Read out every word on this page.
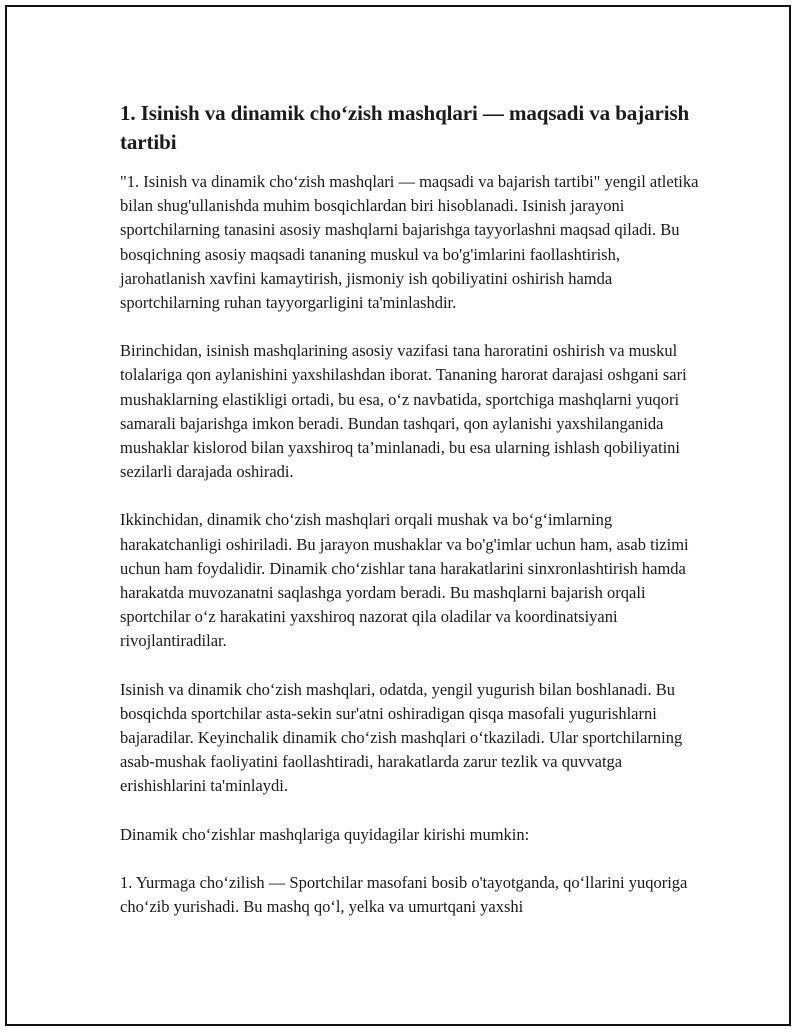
1. Isinish va dinamik cho‘zish mashqlari — maqsadi va bajarish tartibi

"1. Isinish va dinamik cho‘zish mashqlari — maqsadi va bajarish tartibi" yengil atletika bilan shug'ullanishda muhim bosqichlardan biri hisoblanadi. Isinish jarayoni sportchilarning tanasini asosiy mashqlarni bajarishga tayyorlashni maqsad qiladi. Bu bosqichning asosiy maqsadi tananing muskul va bo'g'imlarini faollashtirish, jarohatlanish xavfini kamaytirish, jismoniy ish qobiliyatini oshirish hamda sportchilarning ruhan tayyorgarligini ta'minlashdir.

Birinchidan, isinish mashqlarining asosiy vazifasi tana haroratini oshirish va muskul tolalariga qon aylanishini yaxshilashdan iborat. Tananing harorat darajasi oshgani sari mushaklarning elastikligi ortadi, bu esa, o‘z navbatida, sportchiga mashqlarni yuqori samarali bajarishga imkon beradi. Bundan tashqari, qon aylanishi yaxshilanganida mushaklar kislorod bilan yaxshiroq ta’minlanadi, bu esa ularning ishlash qobiliyatini sezilarli darajada oshiradi.

Ikkinchidan, dinamik cho‘zish mashqlari orqali mushak va bo‘g‘imlarning harakatchanligi oshiriladi. Bu jarayon mushaklar va bo'g'imlar uchun ham, asab tizimi uchun ham foydalidir. Dinamik cho‘zishlar tana harakatlarini sinxronlashtirish hamda harakatda muvozanatni saqlashga yordam beradi. Bu mashqlarni bajarish orqali sportchilar o‘z harakatini yaxshiroq nazorat qila oladilar va koordinatsiyani rivojlantiradilar.

Isinish va dinamik cho‘zish mashqlari, odatda, yengil yugurish bilan boshlanadi. Bu bosqichda sportchilar asta-sekin sur'atni oshiradigan qisqa masofali yugurishlarni bajaradilar. Keyinchalik dinamik cho‘zish mashqlari o‘tkaziladi. Ular sportchilarning asab-mushak faoliyatini faollashtiradi, harakatlarda zarur tezlik va quvvatga erishishlarini ta'minlaydi.

Dinamik cho‘zishlar mashqlariga quyidagilar kirishi mumkin:

1. Yurmaga cho‘zilish — Sportchilar masofani bosib o'tayotganda, qo‘llarini yuqoriga cho‘zib yurishadi. Bu mashq qo‘l, yelka va umurtqani yaxshi
